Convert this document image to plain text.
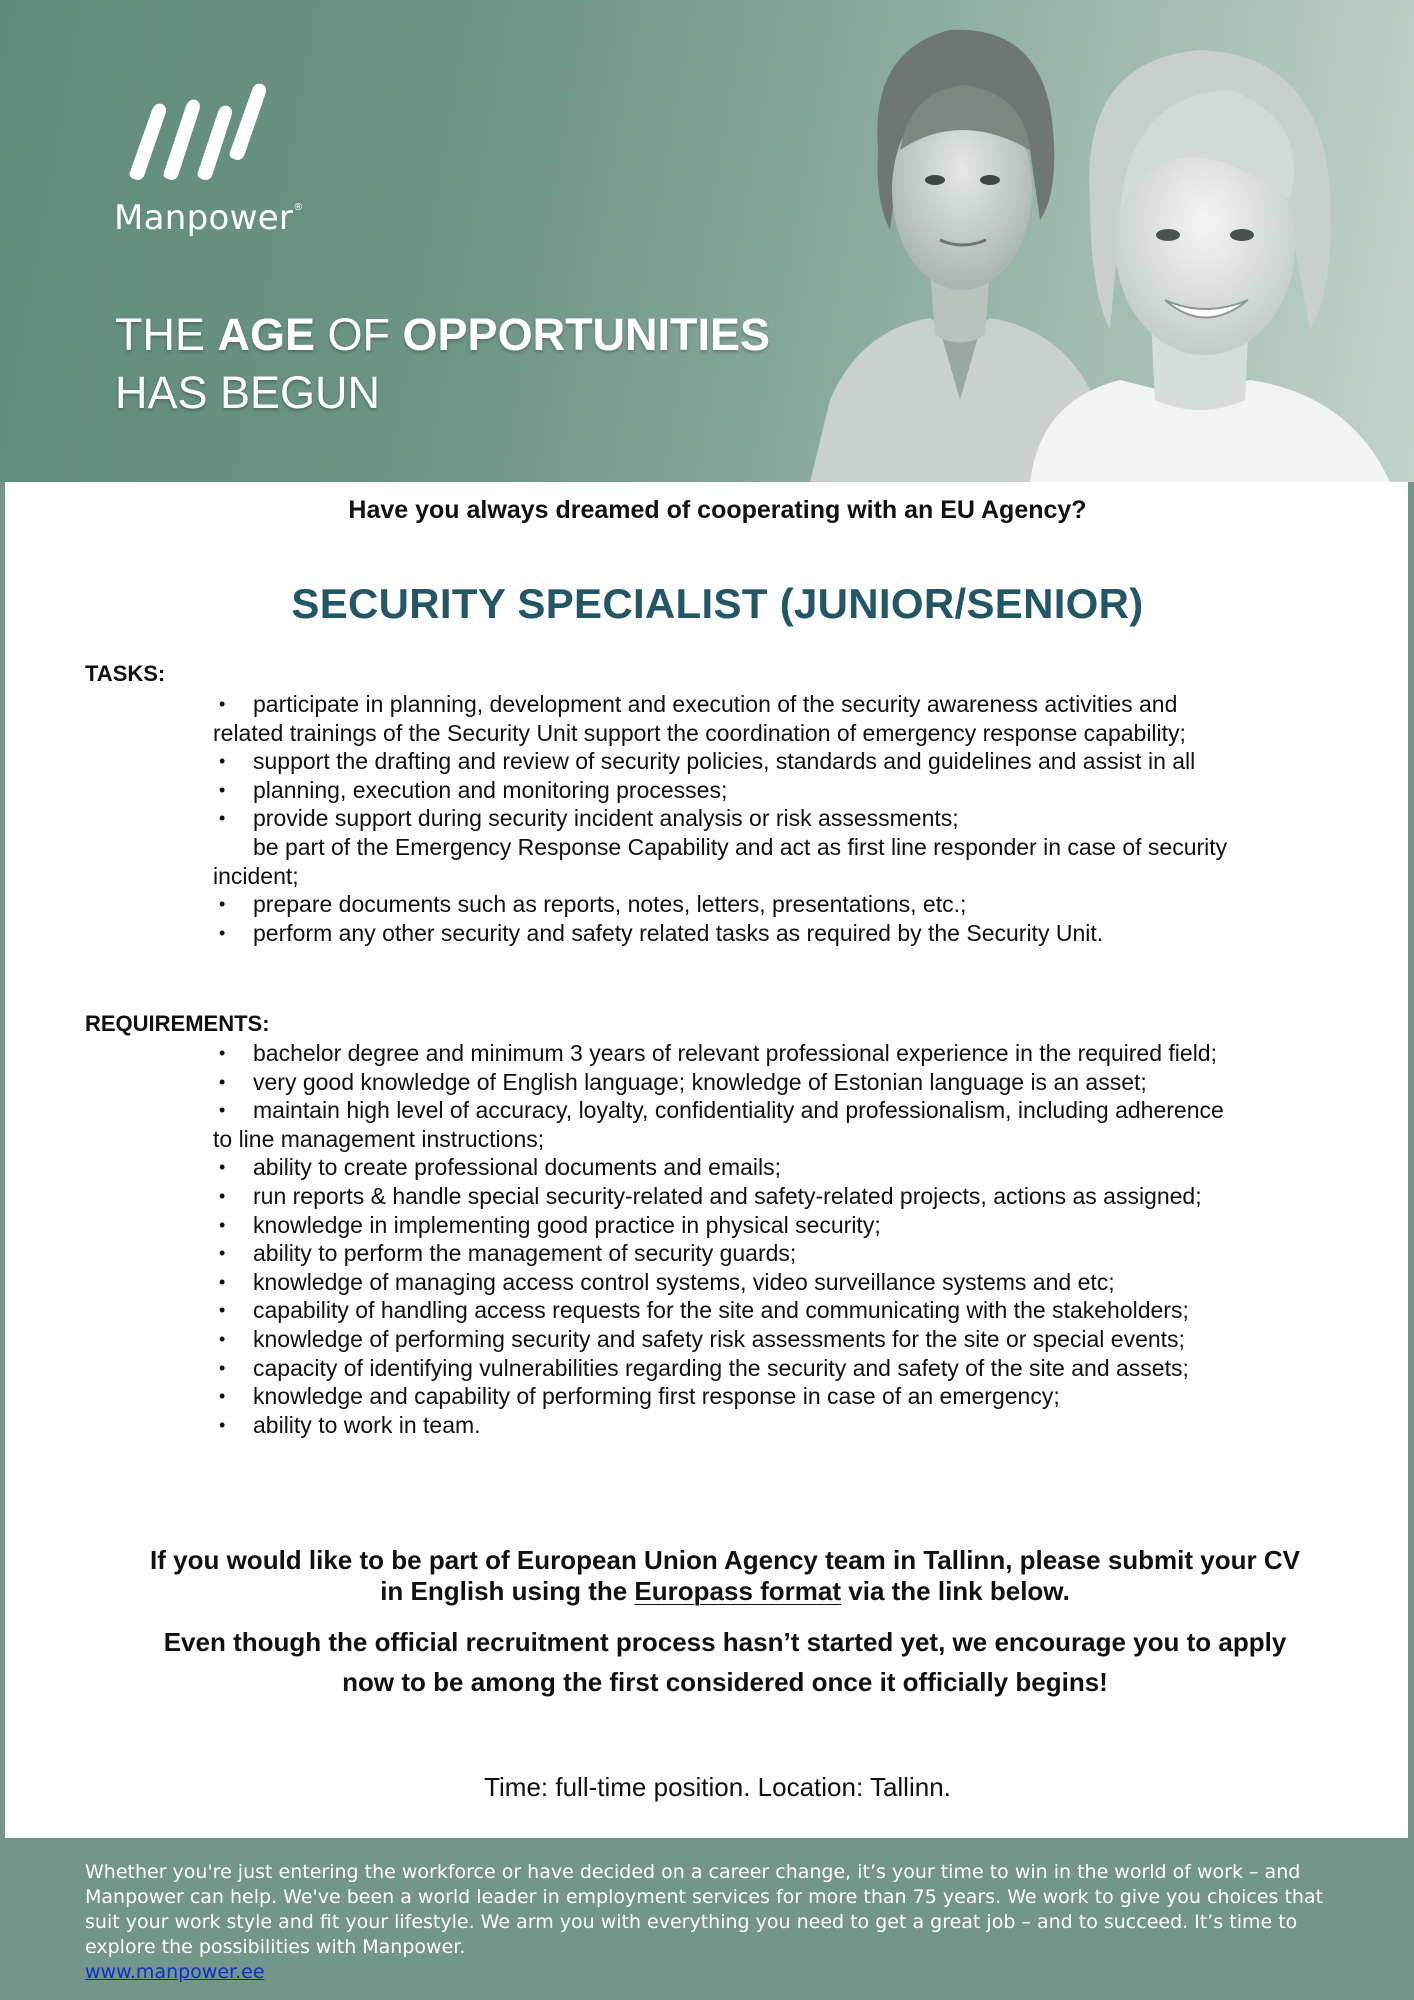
Manpower®
THE AGE OF OPPORTUNITIES
HAS BEGUN
Have you always dreamed of cooperating with an EU Agency?
SECURITY SPECIALIST (JUNIOR/SENIOR)
TASKS:
• participate in planning, development and execution of the security awareness activities and
related trainings of the Security Unit support the coordination of emergency response capability;
• support the drafting and review of security policies, standards and guidelines and assist in all
• planning, execution and monitoring processes;
• provide support during security incident analysis or risk assessments;
be part of the Emergency Response Capability and act as first line responder in case of security
incident;
• prepare documents such as reports, notes, letters, presentations, etc.;
• perform any other security and safety related tasks as required by the Security Unit.
REQUIREMENTS:
• bachelor degree and minimum 3 years of relevant professional experience in the required field;
• very good knowledge of English language; knowledge of Estonian language is an asset;
• maintain high level of accuracy, loyalty, confidentiality and professionalism, including adherence
to line management instructions;
• ability to create professional documents and emails;
• run reports & handle special security-related and safety-related projects, actions as assigned;
• knowledge in implementing good practice in physical security;
• ability to perform the management of security guards;
• knowledge of managing access control systems, video surveillance systems and etc;
• capability of handling access requests for the site and communicating with the stakeholders;
• knowledge of performing security and safety risk assessments for the site or special events;
• capacity of identifying vulnerabilities regarding the security and safety of the site and assets;
• knowledge and capability of performing first response in case of an emergency;
• ability to work in team.
If you would like to be part of European Union Agency team in Tallinn, please submit your CV
in English using the Europass format via the link below.
Even though the official recruitment process hasn’t started yet, we encourage you to apply
now to be among the first considered once it officially begins!
Time: full-time position. Location: Tallinn.
Whether you're just entering the workforce or have decided on a career change, it’s your time to win in the world of work – and Manpower can help. We've been a world leader in employment services for more than 75 years. We work to give you choices that suit your work style and fit your lifestyle. We arm you with everything you need to get a great job – and to succeed. It’s time to explore the possibilities with Manpower.
www.manpower.ee
